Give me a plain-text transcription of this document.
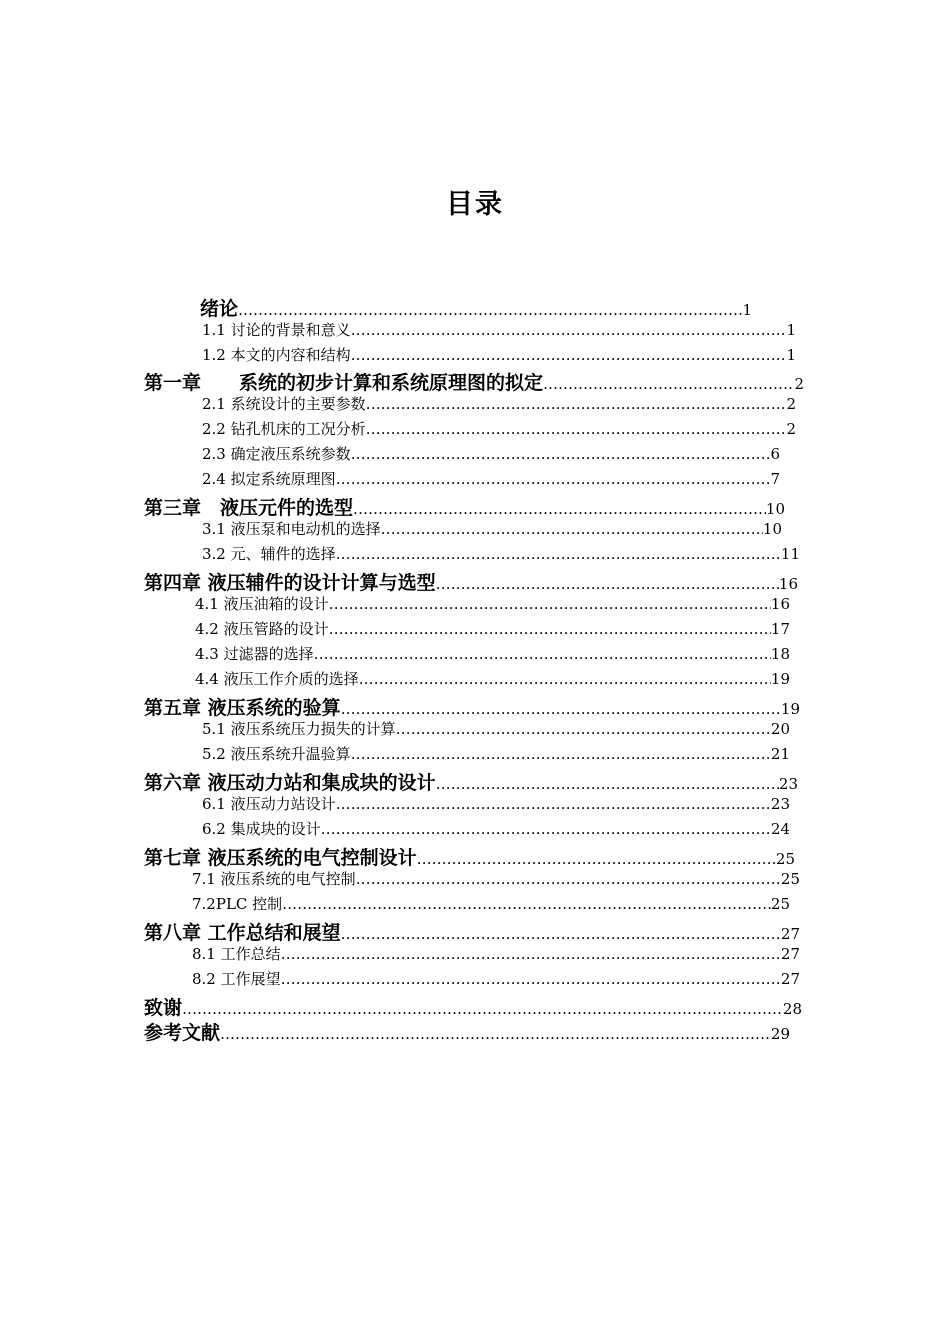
目录
绪论 ………………………………………………………………………………………………………………………………………………………………………………………………	1
1.1 讨论的背景和意义 ………………………………………………………………………………………………………………………………………………………………………………………………	1
1.2 本文的内容和结构 ………………………………………………………………………………………………………………………………………………………………………………………………	1
第一章　　系统的初步计算和系统原理图的拟定 ………………………………………………………………………………………………………………………………………………………………………………………………	2
2.1 系统设计的主要参数 ………………………………………………………………………………………………………………………………………………………………………………………………	2
2.2 钻孔机床的工况分析 ………………………………………………………………………………………………………………………………………………………………………………………………	2
2.3 确定液压系统参数 ………………………………………………………………………………………………………………………………………………………………………………………………	6
2.4 拟定系统原理图 ………………………………………………………………………………………………………………………………………………………………………………………………	7
第三章　液压元件的选型 ………………………………………………………………………………………………………………………………………………………………………………………………	10
3.1 液压泵和电动机的选择 ………………………………………………………………………………………………………………………………………………………………………………………………	10
3.2 元、辅件的选择 ………………………………………………………………………………………………………………………………………………………………………………………………	11
第四章 液压辅件的设计计算与选型 ………………………………………………………………………………………………………………………………………………………………………………………………	16
4.1 液压油箱的设计 ………………………………………………………………………………………………………………………………………………………………………………………………	16
4.2 液压管路的设计 ………………………………………………………………………………………………………………………………………………………………………………………………	17
4.3 过滤器的选择 ………………………………………………………………………………………………………………………………………………………………………………………………	18
4.4 液压工作介质的选择 ………………………………………………………………………………………………………………………………………………………………………………………………	19
第五章 液压系统的验算 ………………………………………………………………………………………………………………………………………………………………………………………………	19
5.1 液压系统压力损失的计算 ………………………………………………………………………………………………………………………………………………………………………………………………	20
5.2 液压系统升温验算 ………………………………………………………………………………………………………………………………………………………………………………………………	21
第六章 液压动力站和集成块的设计 ………………………………………………………………………………………………………………………………………………………………………………………………	23
6.1 液压动力站设计 ………………………………………………………………………………………………………………………………………………………………………………………………	23
6.2 集成块的设计 ………………………………………………………………………………………………………………………………………………………………………………………………	24
第七章 液压系统的电气控制设计 ………………………………………………………………………………………………………………………………………………………………………………………………	25
7.1 液压系统的电气控制 ………………………………………………………………………………………………………………………………………………………………………………………………	25
7.2PLC 控制 ………………………………………………………………………………………………………………………………………………………………………………………………	25
第八章 工作总结和展望 ………………………………………………………………………………………………………………………………………………………………………………………………	27
8.1 工作总结 ………………………………………………………………………………………………………………………………………………………………………………………………	27
8.2 工作展望 ………………………………………………………………………………………………………………………………………………………………………………………………	27
致谢 ………………………………………………………………………………………………………………………………………………………………………………………………	28
参考文献 ………………………………………………………………………………………………………………………………………………………………………………………………	29
